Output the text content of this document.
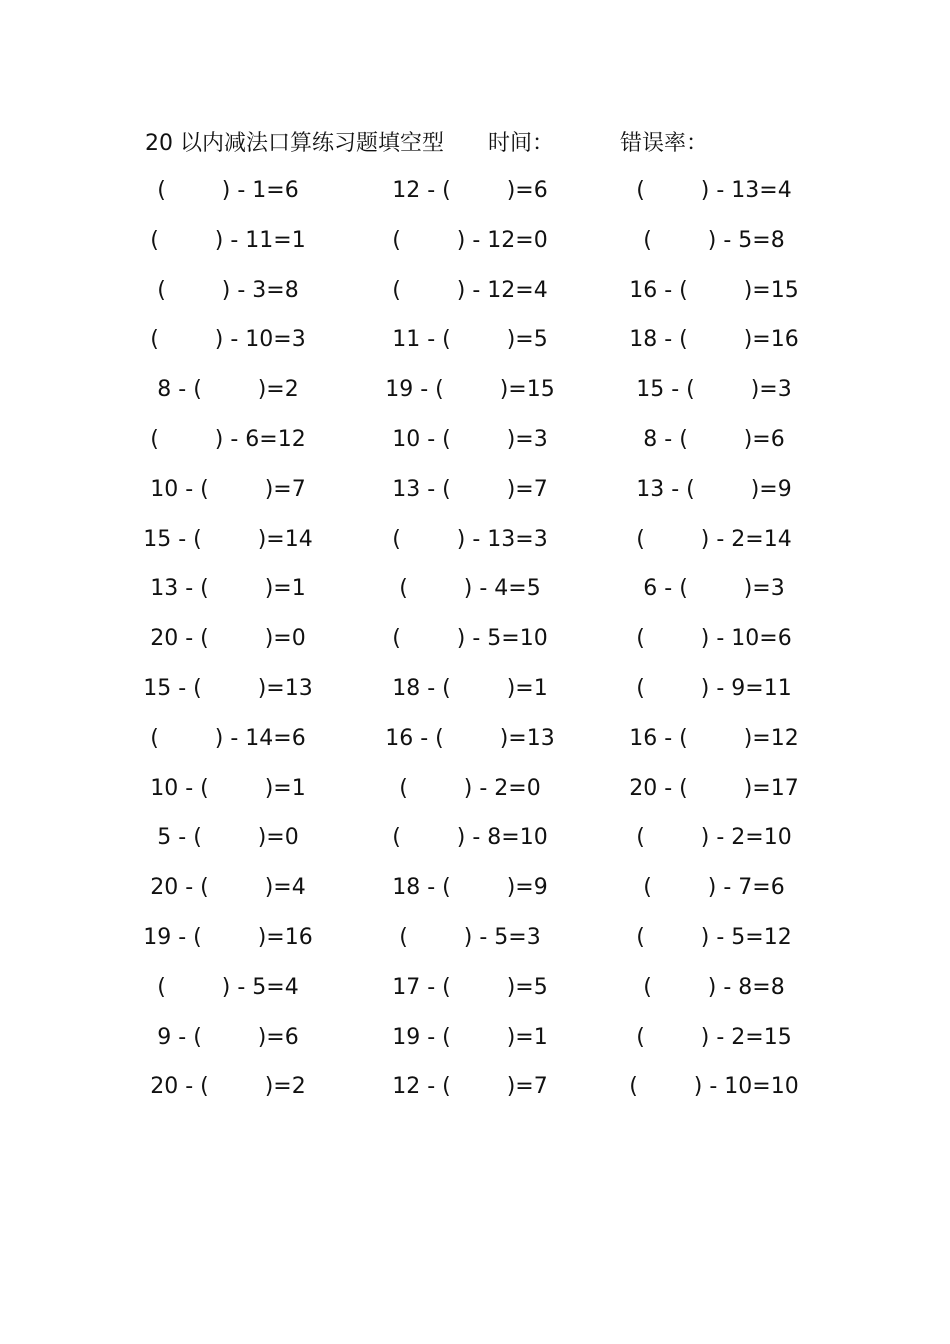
20 以内减法口算练习题填空型 时间：	错误率：
(        ) - 1=6	12 - (        )=6	(        ) - 13=4
(        ) - 11=1	(        ) - 12=0	(        ) - 5=8
(        ) - 3=8	(        ) - 12=4	16 - (        )=15
(        ) - 10=3	11 - (        )=5	18 - (        )=16
8 - (        )=2	19 - (        )=15	15 - (        )=3
(        ) - 6=12	10 - (        )=3	8 - (        )=6
10 - (        )=7	13 - (        )=7	13 - (        )=9
15 - (        )=14	(        ) - 13=3	(        ) - 2=14
13 - (        )=1	(        ) - 4=5	6 - (        )=3
20 - (        )=0	(        ) - 5=10	(        ) - 10=6
15 - (        )=13	18 - (        )=1	(        ) - 9=11
(        ) - 14=6	16 - (        )=13	16 - (        )=12
10 - (        )=1	(        ) - 2=0	20 - (        )=17
5 - (        )=0	(        ) - 8=10	(        ) - 2=10
20 - (        )=4	18 - (        )=9	(        ) - 7=6
19 - (        )=16	(        ) - 5=3	(        ) - 5=12
(        ) - 5=4	17 - (        )=5	(        ) - 8=8
9 - (        )=6	19 - (        )=1	(        ) - 2=15
20 - (        )=2	12 - (        )=7	(        ) - 10=10
